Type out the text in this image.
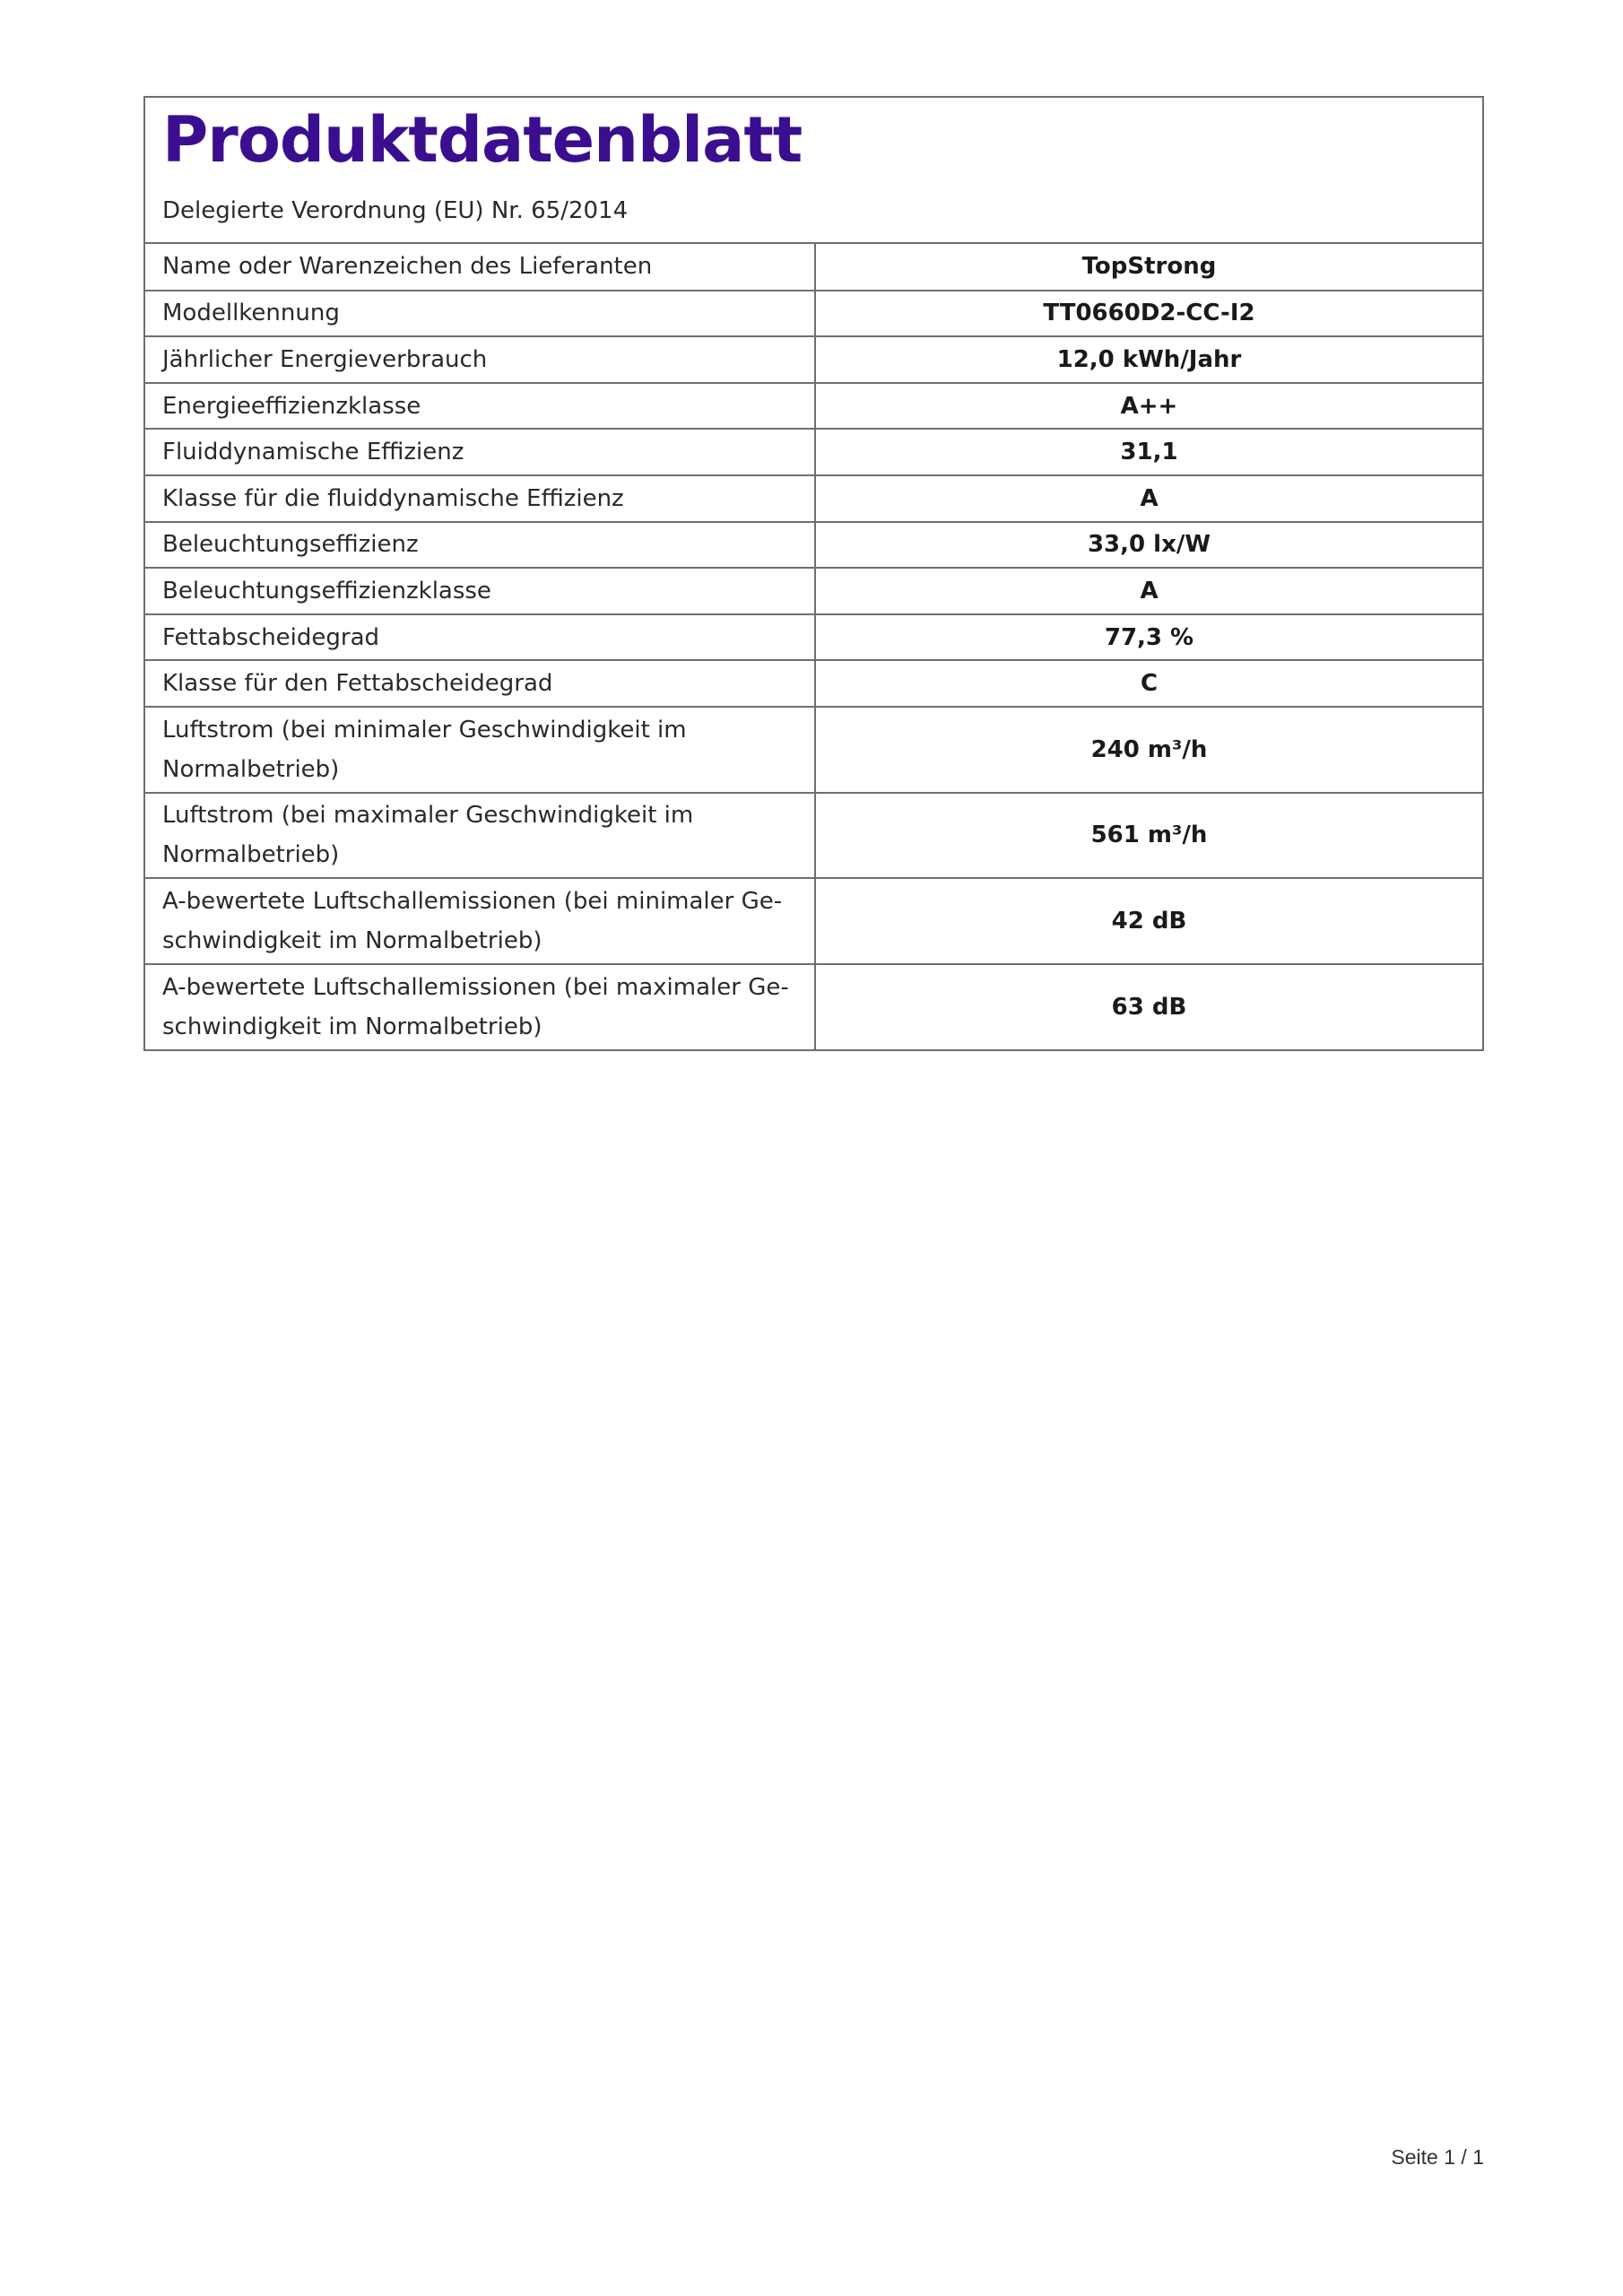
Produktdatenblatt
Delegierte Verordnung (EU) Nr. 65/2014
Name oder Warenzeichen des Lieferanten	TopStrong
Modellkennung	TT0660D2-CC-I2
Jährlicher Energieverbrauch	12,0 kWh/Jahr
Energieeffizienzklasse	A++
Fluiddynamische Effizienz	31,1
Klasse für die fluiddynamische Effizienz	A
Beleuchtungseffizienz	33,0 lx/W
Beleuchtungseffizienzklasse	A
Fettabscheidegrad	77,3 %
Klasse für den Fettabscheidegrad	C
Luftstrom (bei minimaler Geschwindigkeit im Normalbetrieb)	240 m³/h
Luftstrom (bei maximaler Geschwindigkeit im Normalbetrieb)	561 m³/h
A-bewertete Luftschallemissionen (bei minimaler Geschwindigkeit im Normalbetrieb)	42 dB
A-bewertete Luftschallemissionen (bei maximaler Geschwindigkeit im Normalbetrieb)	63 dB
Seite 1 / 1
